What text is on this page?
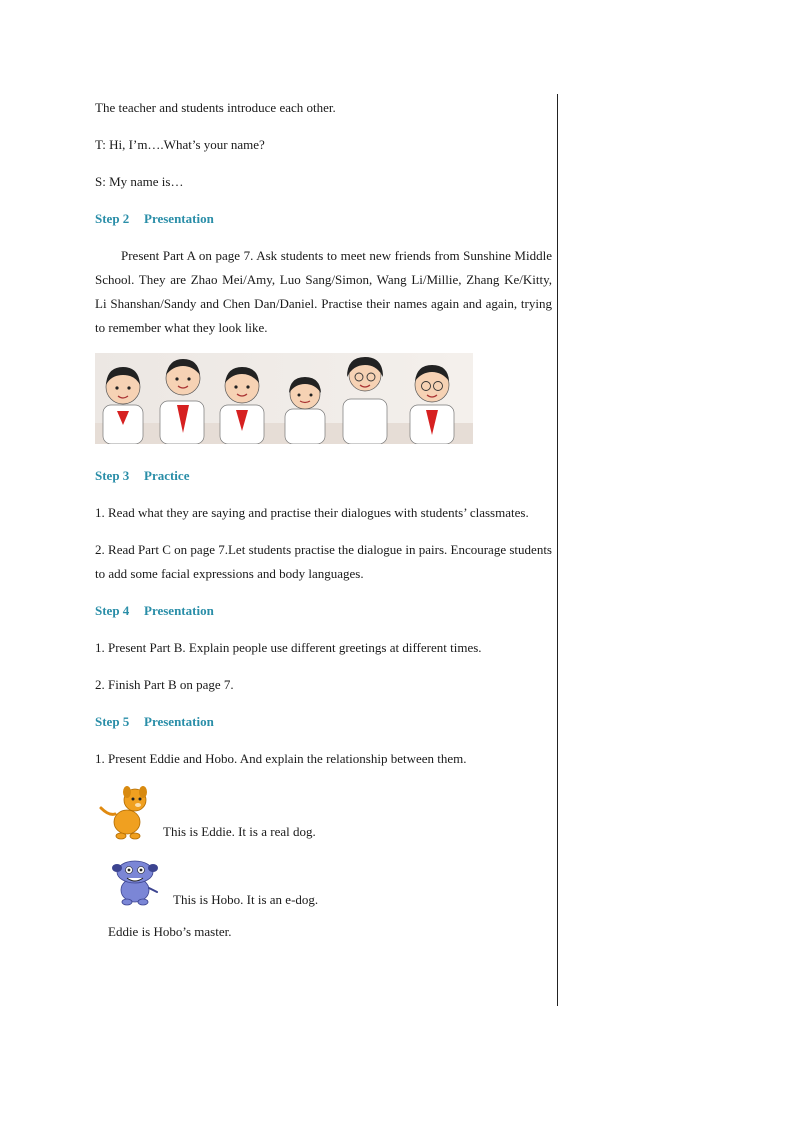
The teacher and students introduce each other.

T: Hi, I’m….What’s your name?

S: My name is…

Step 2 Presentation

Present Part A on page 7. Ask students to meet new friends from Sunshine Middle School. They are Zhao Mei/Amy, Luo Sang/Simon, Wang Li/Millie, Zhang Ke/Kitty, Li Shanshan/Sandy and Chen Dan/Daniel. Practise their names again and again, trying to remember what they look like.

Step 3 Practice

1. Read what they are saying and practise their dialogues with students’ classmates.

2. Read Part C on page 7.Let students practise the dialogue in pairs. Encourage students to add some facial expressions and body languages.

Step 4 Presentation

1. Present Part B. Explain people use different greetings at different times.

2. Finish Part B on page 7.

Step 5 Presentation

1. Present Eddie and Hobo. And explain the relationship between them.

This is Eddie. It is a real dog.
This is Hobo. It is an e-dog.
Eddie is Hobo’s master.
